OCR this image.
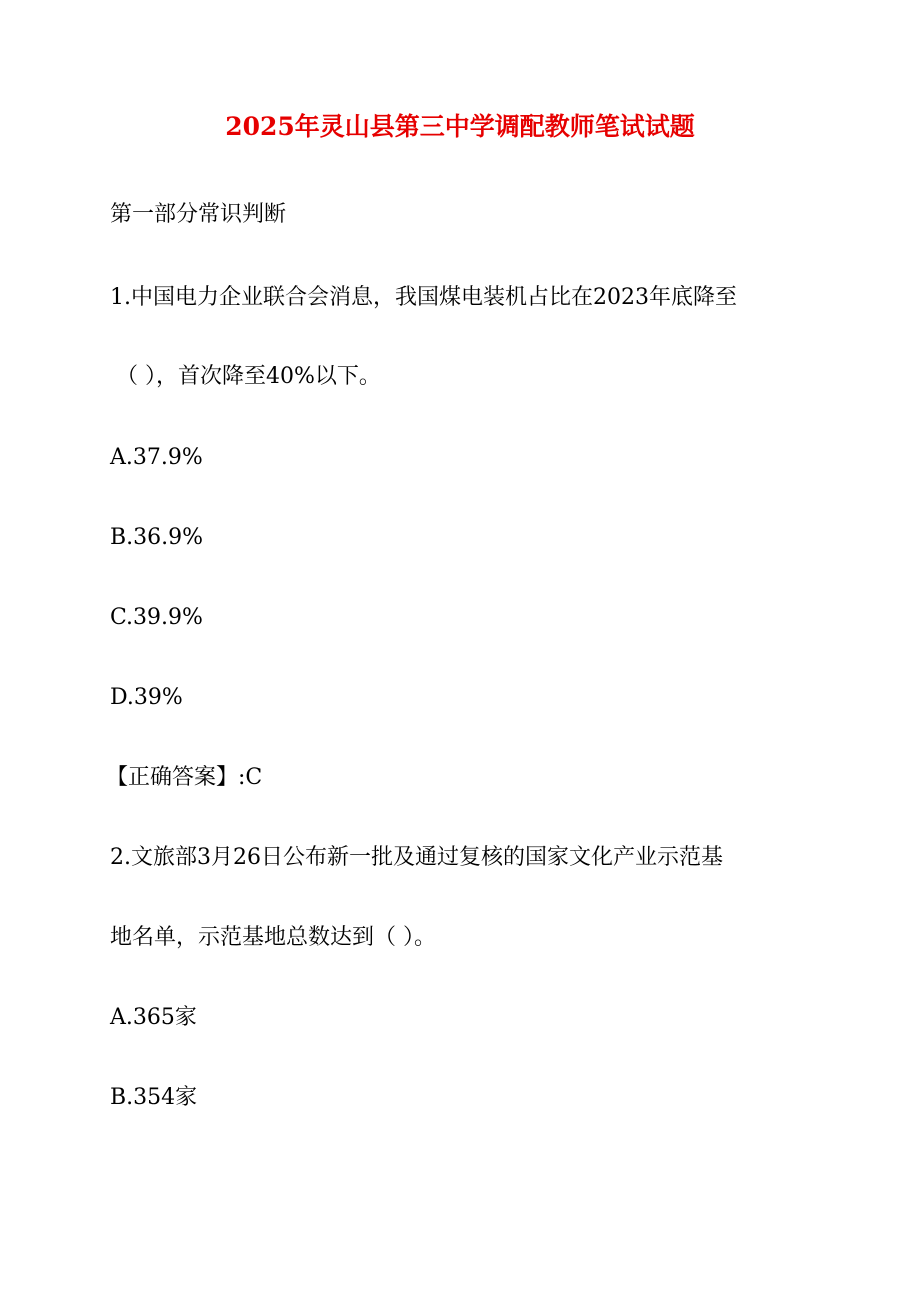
2025年灵山县第三中学调配教师笔试试题
第一部分常识判断
1.中国电力企业联合会消息，我国煤电装机占比在2023年底降至
（ ），首次降至40%以下。
A.37.9%
B.36.9%
C.39.9%
D.39%
【正确答案】:C
2.文旅部3月26日公布新一批及通过复核的国家文化产业示范基
地名单，示范基地总数达到（ ）。
A.365家
B.354家
